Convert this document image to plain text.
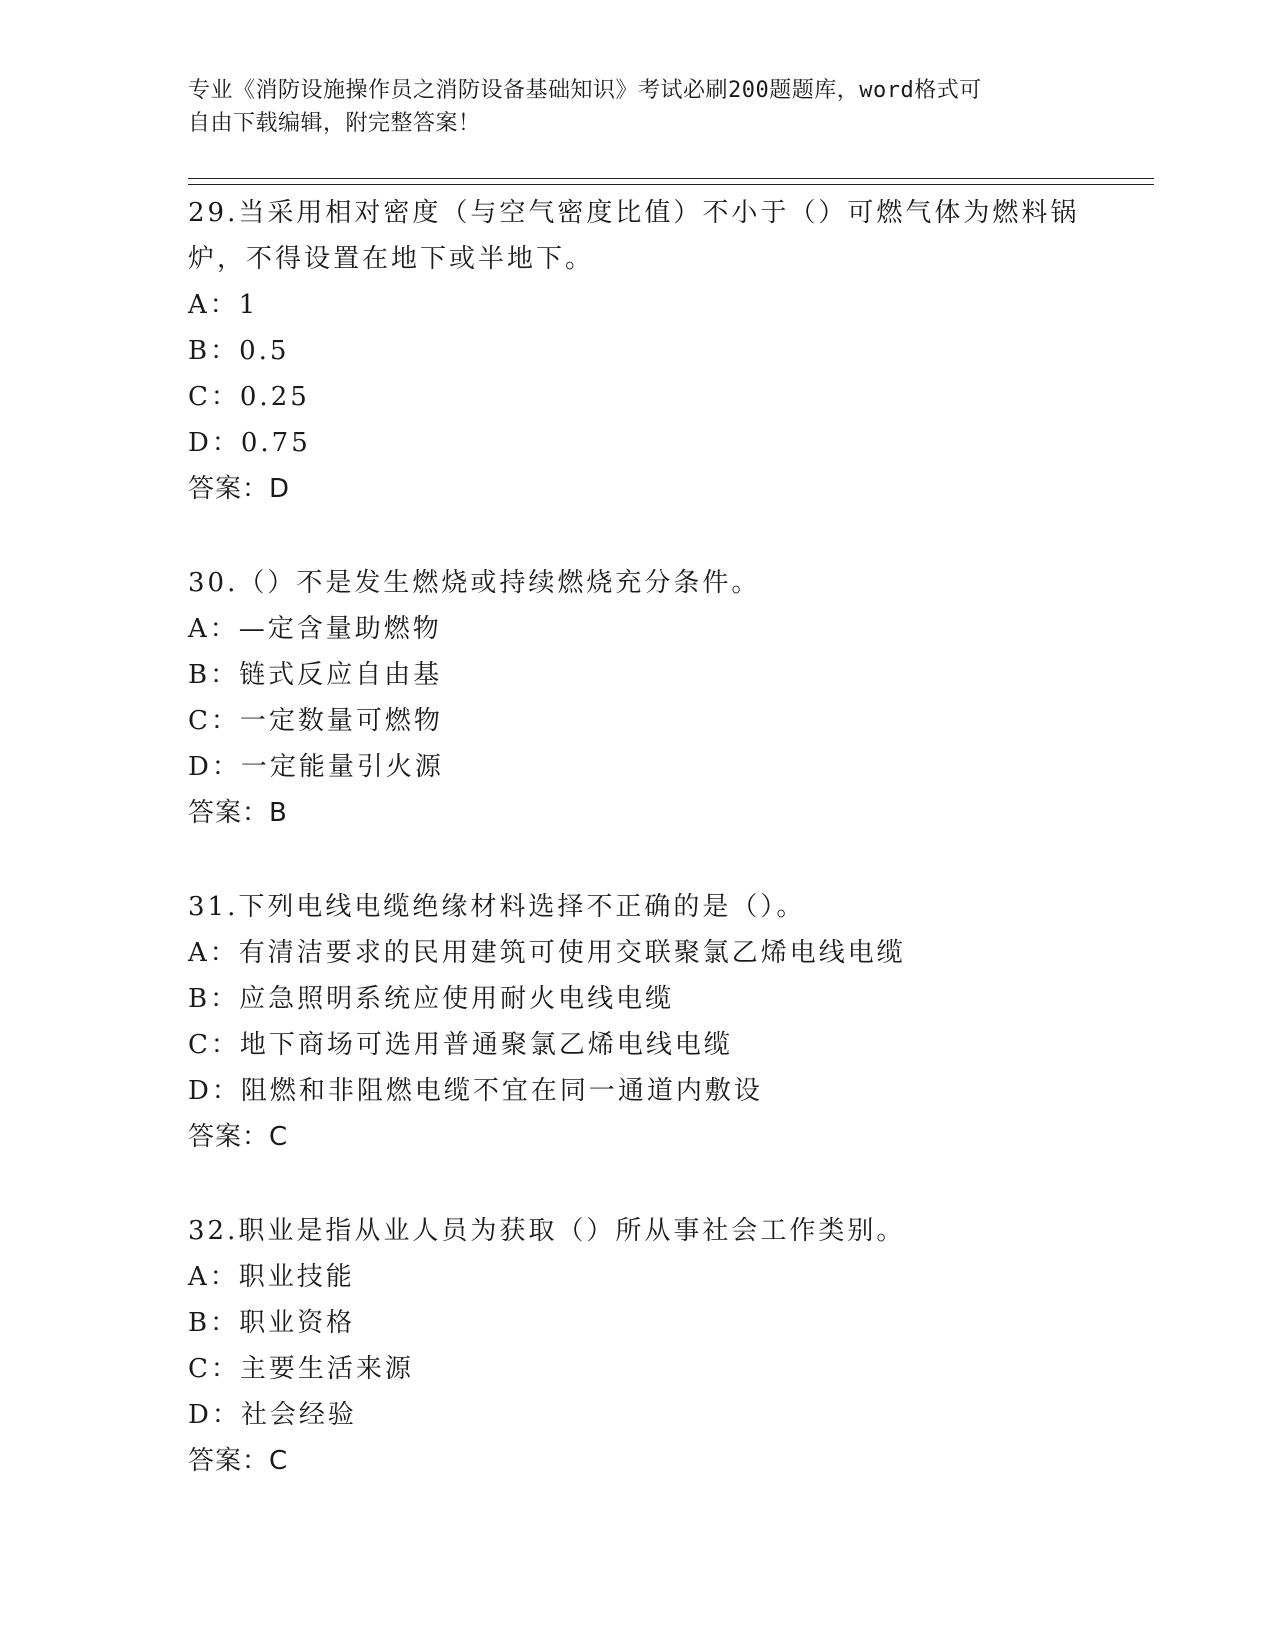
专业《消防设施操作员之消防设备基础知识》考试必刷200题题库，word格式可
自由下载编辑，附完整答案！

29.当采用相对密度（与空气密度比值）不小于（）可燃气体为燃料锅

炉，不得设置在地下或半地下。

A：1

B：0.5

C：0.25

D：0.75

答案：D

30.（）不是发生燃烧或持续燃烧充分条件。

A：—定含量助燃物

B：链式反应自由基

C：一定数量可燃物

D：一定能量引火源

答案：B

31.下列电线电缆绝缘材料选择不正确的是（）。

A：有清洁要求的民用建筑可使用交联聚氯乙烯电线电缆

B：应急照明系统应使用耐火电线电缆

C：地下商场可选用普通聚氯乙烯电线电缆

D：阻燃和非阻燃电缆不宜在同一通道内敷设

答案：C

32.职业是指从业人员为获取（）所从事社会工作类别。

A：职业技能

B：职业资格

C：主要生活来源

D：社会经验

答案：C
